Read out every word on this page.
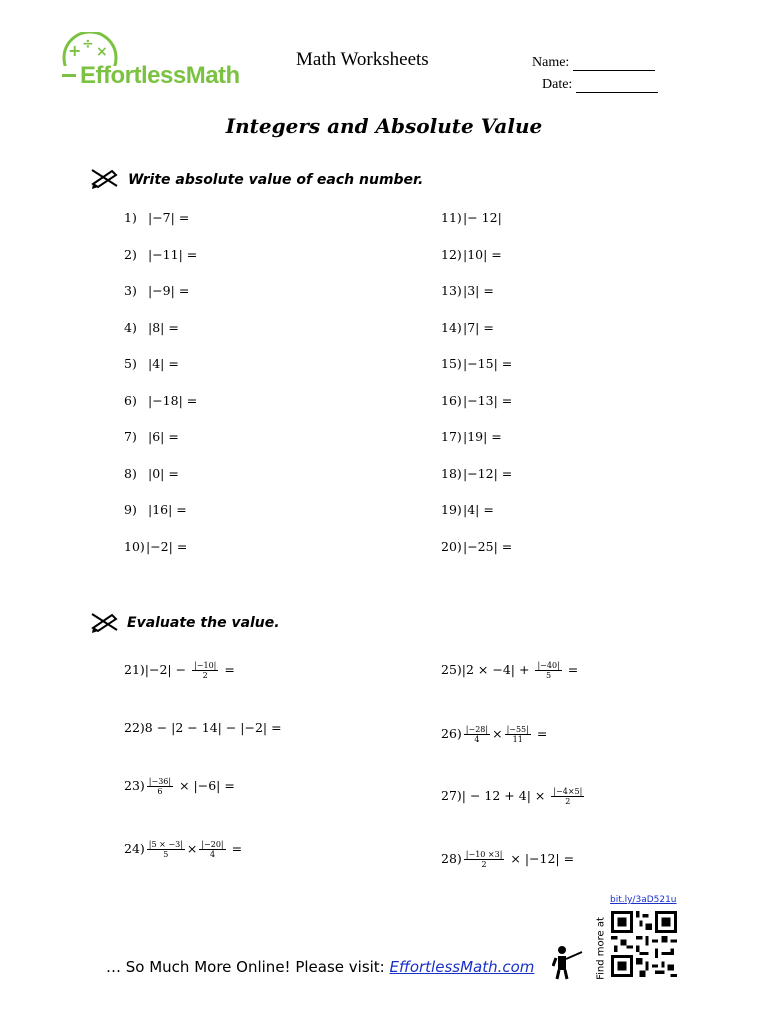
+ ÷ ×
EffortlessMath
Math Worksheets	Name:
Date:
Integers and Absolute Value
Write absolute value of each number.
1) |−7| =
2) |−11| =
3) |−9| =
4) |8| =
5) |4| =
6) |−18| =
7) |6| =
8) |0| =
9) |16| =
10)|−2| =
11)|− 12|
12)|10| =
13)|3| =
14)|7| =
15)|−15| =
16)|−13| =
17)|19| =
18)|−12| =
19)|4| =
20)|−25| =
Evaluate the value.
$21)|-2| - \frac{|-10|}{2}$ =
22)8 − |2 − 14| − |−2| =
$23) \frac{|-36|}{6} \times |-6|$ =
$24) \frac{|5 \times -3|}{5} \times \frac{|-20|}{4}$ =
$25)|2 \times -4| + \frac{|-40|}{5}$ =
$26) \frac{|-28|}{4} \times \frac{|-55|}{11}$ =
$27)| - 12 + 4| \times \frac{|-4\times 5|}{2}$
$28) \frac{|-10 \times 3|}{2} \times |-12|$ =
… So Much More Online! Please visit: EffortlessMath.com	Find more at
bit.ly/3aD521u
